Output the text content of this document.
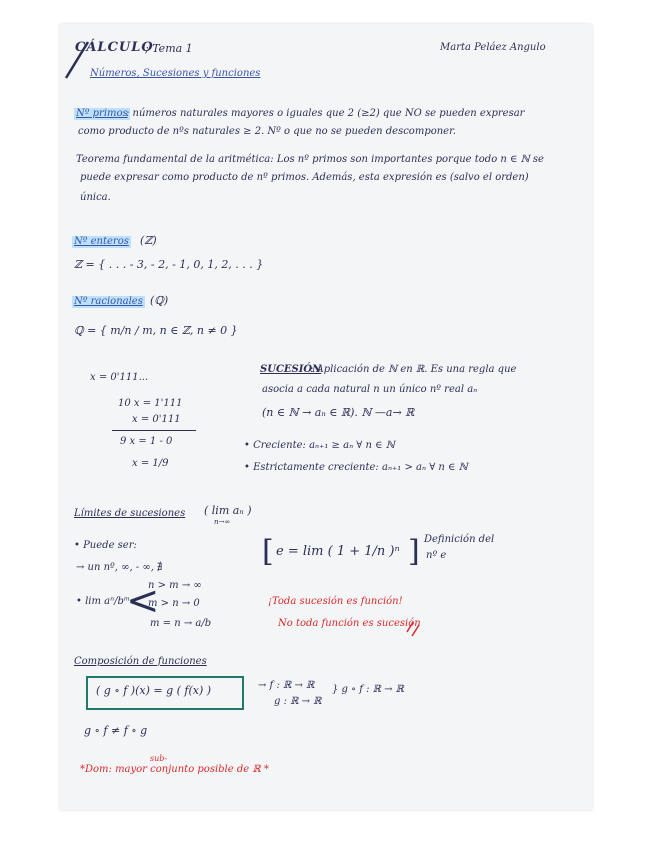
CÁLCULO
; Tema 1	Marta Peláez Angulo
Números, Sucesiones y funciones
Nº primos
: números naturales mayores o iguales que 2 (≥2) que NO se pueden expresar
como producto de nºs naturales ≥ 2. Nº o que no se pueden descomponer.
Teorema fundamental de la aritmética: Los nº primos son importantes porque todo n ∈ ℕ se
puede expresar como producto de nº primos. Además, esta expresión es (salvo el orden)
única.
Nº enteros (ℤ)
ℤ = { . . . - 3, - 2, - 1, 0, 1, 2, . . . }
Nº racionales (ℚ)
ℚ = { m/n / m, n ∈ ℤ, n ≠ 0 }
x = 0'111...
10 x = 1'111
x = 0'111
9 x = 1 - 0
x = 1/9
SUCESIÓN
: Aplicación de ℕ en ℝ. Es una regla que
asocia a cada natural n un único nº real aₙ
(n ∈ ℕ → aₙ ∈ ℝ). ℕ —a→ ℝ
• Creciente: aₙ₊₁ ≥ aₙ ∀ n ∈ ℕ
• Estrictamente creciente: aₙ₊₁ > aₙ ∀ n ∈ ℕ
Límites de sucesiones ( lim aₙ )
n→∞
• Puede ser:
→ un nº, ∞, - ∞, ∄
• lim aⁿ/bᵐ
<
n > m → ∞
m > n → 0
m = n → a/b
[ e = lim ( 1 + 1/n )ⁿ ] Definición del
nº e
¡Toda sucesión es función!
No toda función es sucesión
Composición de funciones
( g ∘ f )(x) = g ( f(x) )	→ f : ℝ → ℝ
g : ℝ → ℝ
} g ∘ f : ℝ → ℝ
g ∘ f ≠ f ∘ g
sub-
*Dom: mayor conjunto posible de ℝ *
